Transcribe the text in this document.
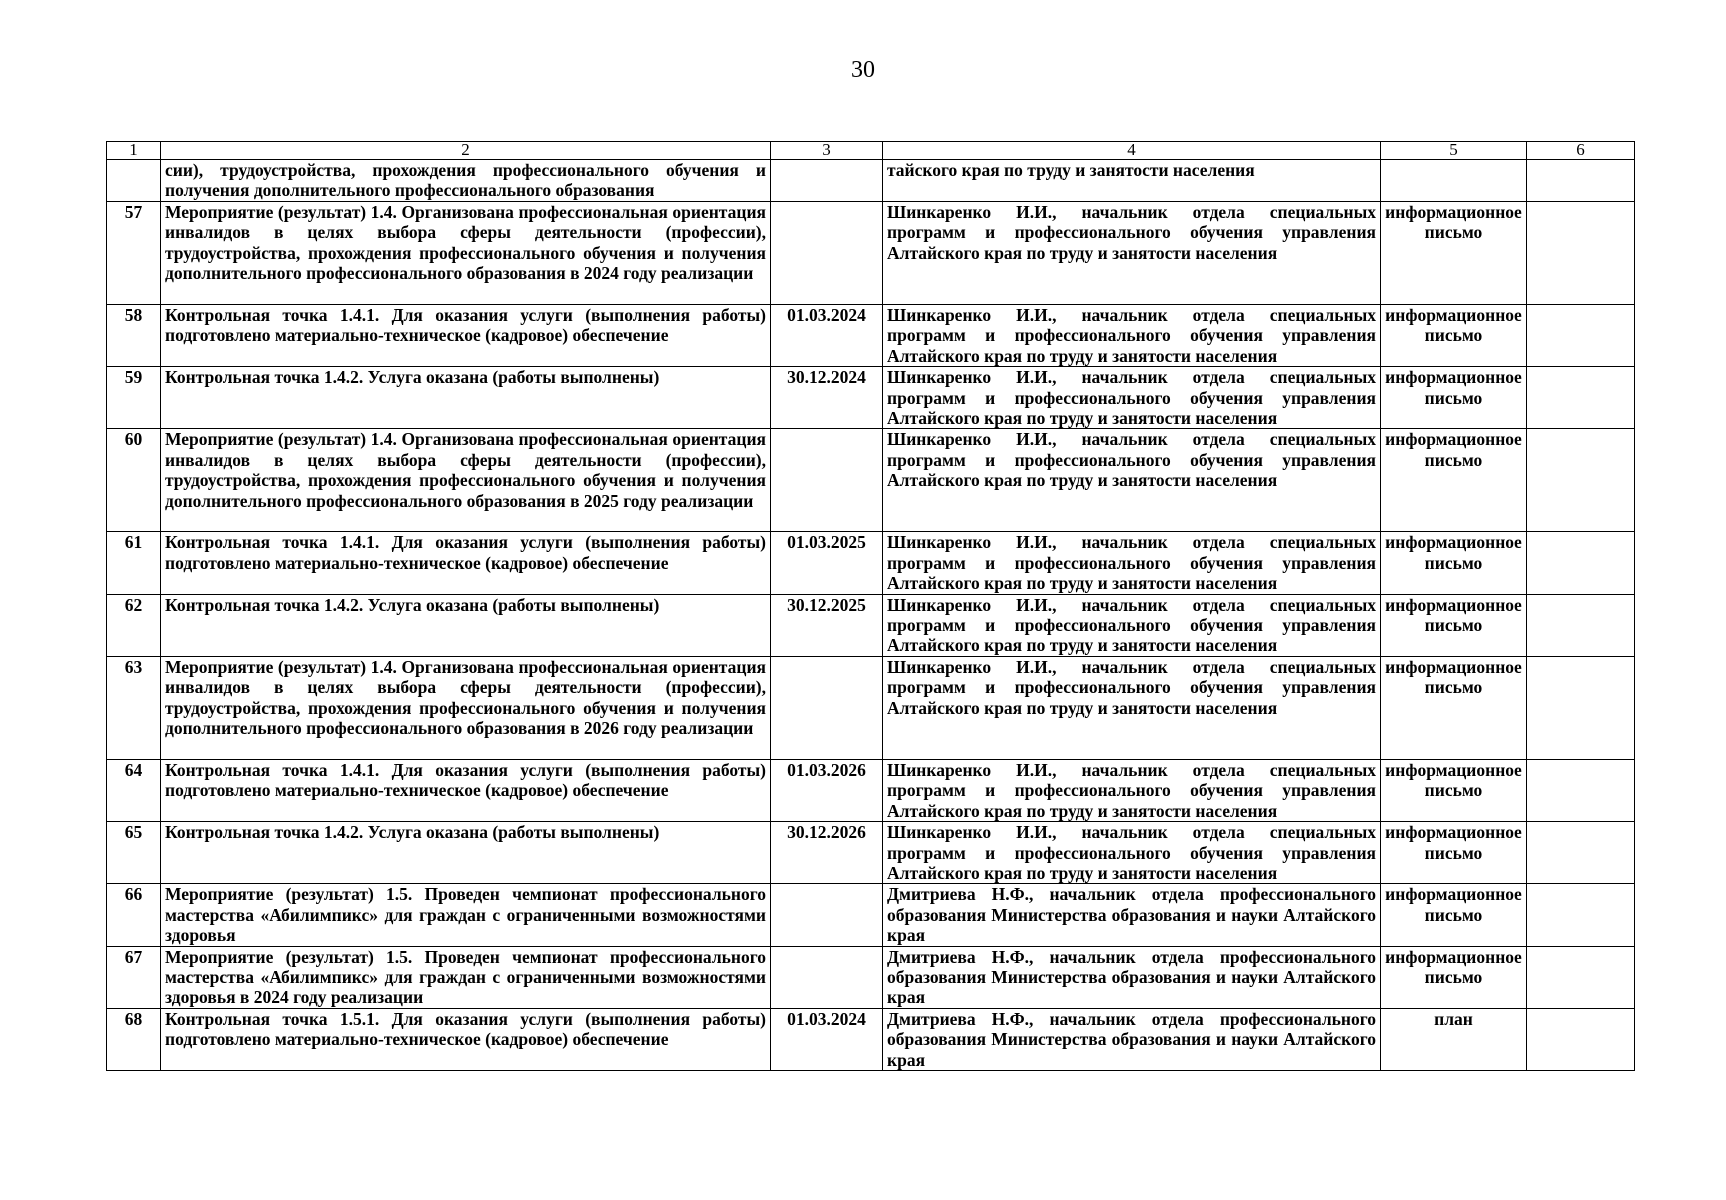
30
1	2	3	4	5	6
	сии), трудоустройства, прохождения профессионального обучения и получения дополнительного профессионального образования		тайского края по труду и занятости населения		
57	Мероприятие (результат) 1.4. Организована профессиональная ориентация инвалидов в целях выбора сферы деятельности (профессии), трудоустройства, прохождения профессионального обучения и получения дополнительного профессионального образования в 2024 году реализации		Шинкаренко И.И., начальник отдела специальных программ и профессионального обучения управления Алтайского края по труду и занятости населения	информационное письмо	
58	Контрольная точка 1.4.1. Для оказания услуги (выполнения работы) подготовлено материально-техническое (кадровое) обеспечение	01.03.2024	Шинкаренко И.И., начальник отдела специальных программ и профессионального обучения управления Алтайского края по труду и занятости населения	информационное письмо	
59	Контрольная точка 1.4.2. Услуга оказана (работы выполнены)	30.12.2024	Шинкаренко И.И., начальник отдела специальных программ и профессионального обучения управления Алтайского края по труду и занятости населения	информационное письмо	
60	Мероприятие (результат) 1.4. Организована профессиональная ориентация инвалидов в целях выбора сферы деятельности (профессии), трудоустройства, прохождения профессионального обучения и получения дополнительного профессионального образования в 2025 году реализации		Шинкаренко И.И., начальник отдела специальных программ и профессионального обучения управления Алтайского края по труду и занятости населения	информационное письмо	
61	Контрольная точка 1.4.1. Для оказания услуги (выполнения работы) подготовлено материально-техническое (кадровое) обеспечение	01.03.2025	Шинкаренко И.И., начальник отдела специальных программ и профессионального обучения управления Алтайского края по труду и занятости населения	информационное письмо	
62	Контрольная точка 1.4.2. Услуга оказана (работы выполнены)	30.12.2025	Шинкаренко И.И., начальник отдела специальных программ и профессионального обучения управления Алтайского края по труду и занятости населения	информационное письмо	
63	Мероприятие (результат) 1.4. Организована профессиональная ориентация инвалидов в целях выбора сферы деятельности (профессии), трудоустройства, прохождения профессионального обучения и получения дополнительного профессионального образования в 2026 году реализации		Шинкаренко И.И., начальник отдела специальных программ и профессионального обучения управления Алтайского края по труду и занятости населения	информационное письмо	
64	Контрольная точка 1.4.1. Для оказания услуги (выполнения работы) подготовлено материально-техническое (кадровое) обеспечение	01.03.2026	Шинкаренко И.И., начальник отдела специальных программ и профессионального обучения управления Алтайского края по труду и занятости населения	информационное письмо	
65	Контрольная точка 1.4.2. Услуга оказана (работы выполнены)	30.12.2026	Шинкаренко И.И., начальник отдела специальных программ и профессионального обучения управления Алтайского края по труду и занятости населения	информационное письмо	
66	Мероприятие (результат) 1.5. Проведен чемпионат профессионального мастерства «Абилимпикс» для граждан с ограниченными возможностями здоровья		Дмитриева Н.Ф., начальник отдела профессионального образования Министерства образования и науки Алтайского края	информационное письмо	
67	Мероприятие (результат) 1.5. Проведен чемпионат профессионального мастерства «Абилимпикс» для граждан с ограниченными возможностями здоровья в 2024 году реализации		Дмитриева Н.Ф., начальник отдела профессионального образования Министерства образования и науки Алтайского края	информационное письмо	
68	Контрольная точка 1.5.1. Для оказания услуги (выполнения работы) подготовлено материально-техническое (кадровое) обеспечение	01.03.2024	Дмитриева Н.Ф., начальник отдела профессионального образования Министерства образования и науки Алтайского края	план	
